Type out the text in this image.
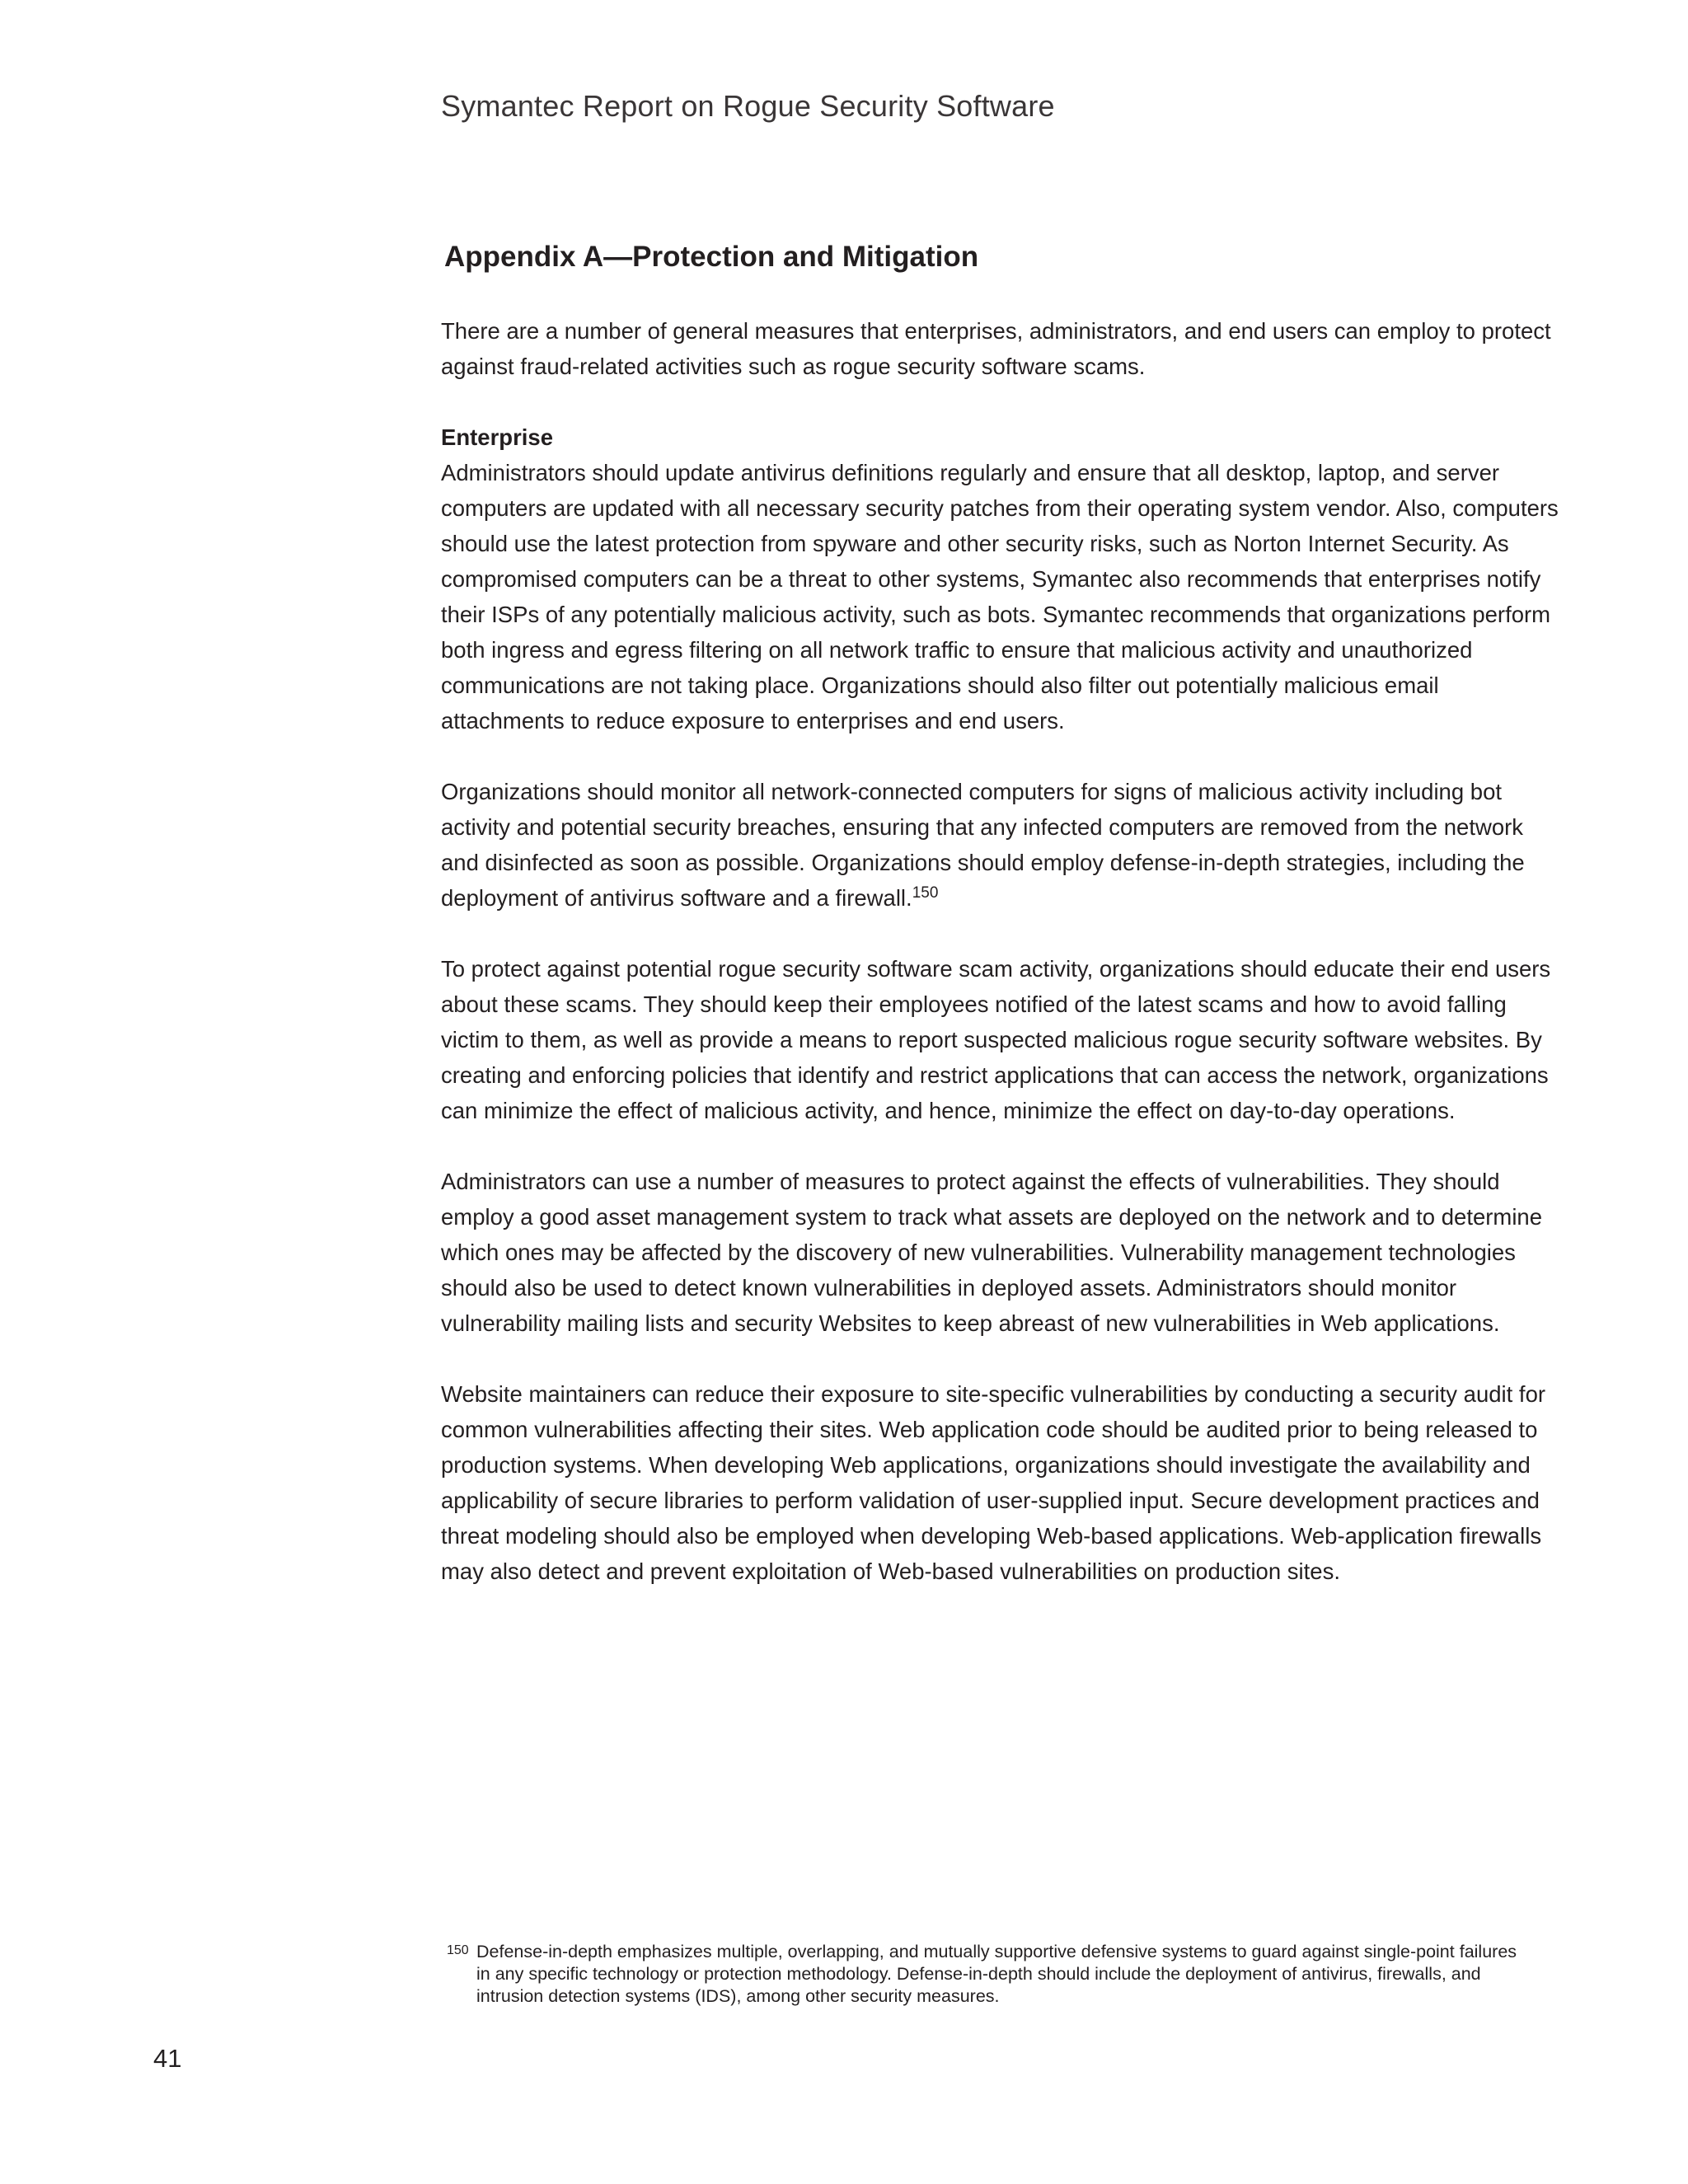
Symantec Report on Rogue Security Software
Appendix A—Protection and Mitigation

There are a number of general measures that enterprises, administrators, and end users can employ to protect against fraud-related activities such as rogue security software scams.

Enterprise

Administrators should update antivirus definitions regularly and ensure that all desktop, laptop, and server computers are updated with all necessary security patches from their operating system vendor. Also, computers should use the latest protection from spyware and other security risks, such as Norton Internet Security. As compromised computers can be a threat to other systems, Symantec also recommends that enterprises notify their ISPs of any potentially malicious activity, such as bots. Symantec recommends that organizations perform both ingress and egress filtering on all network traffic to ensure that malicious activity and unauthorized communications are not taking place. Organizations should also filter out potentially malicious email attachments to reduce exposure to enterprises and end users.

Organizations should monitor all network-connected computers for signs of malicious activity including bot activity and potential security breaches, ensuring that any infected computers are removed from the network and disinfected as soon as possible. Organizations should employ defense-in-depth strategies, including the deployment of antivirus software and a firewall.$^{150}$

To protect against potential rogue security software scam activity, organizations should educate their end users about these scams. They should keep their employees notified of the latest scams and how to avoid falling victim to them, as well as provide a means to report suspected malicious rogue security software websites. By creating and enforcing policies that identify and restrict applications that can access the network, organizations can minimize the effect of malicious activity, and hence, minimize the effect on day-to-day operations.

Administrators can use a number of measures to protect against the effects of vulnerabilities. They should employ a good asset management system to track what assets are deployed on the network and to determine which ones may be affected by the discovery of new vulnerabilities. Vulnerability management technologies should also be used to detect known vulnerabilities in deployed assets. Administrators should monitor vulnerability mailing lists and security Websites to keep abreast of new vulnerabilities in Web applications.

Website maintainers can reduce their exposure to site-specific vulnerabilities by conducting a security audit for common vulnerabilities affecting their sites. Web application code should be audited prior to being released to production systems. When developing Web applications, organizations should investigate the availability and applicability of secure libraries to perform validation of user-supplied input. Secure development practices and threat modeling should also be employed when developing Web-based applications. Web-application firewalls may also detect and prevent exploitation of Web-based vulnerabilities on production sites.

150 Defense-in-depth emphasizes multiple, overlapping, and mutually supportive defensive systems to guard against single-point failures in any specific technology or protection methodology. Defense-in-depth should include the deployment of antivirus, firewalls, and intrusion detection systems (IDS), among other security measures.

41
